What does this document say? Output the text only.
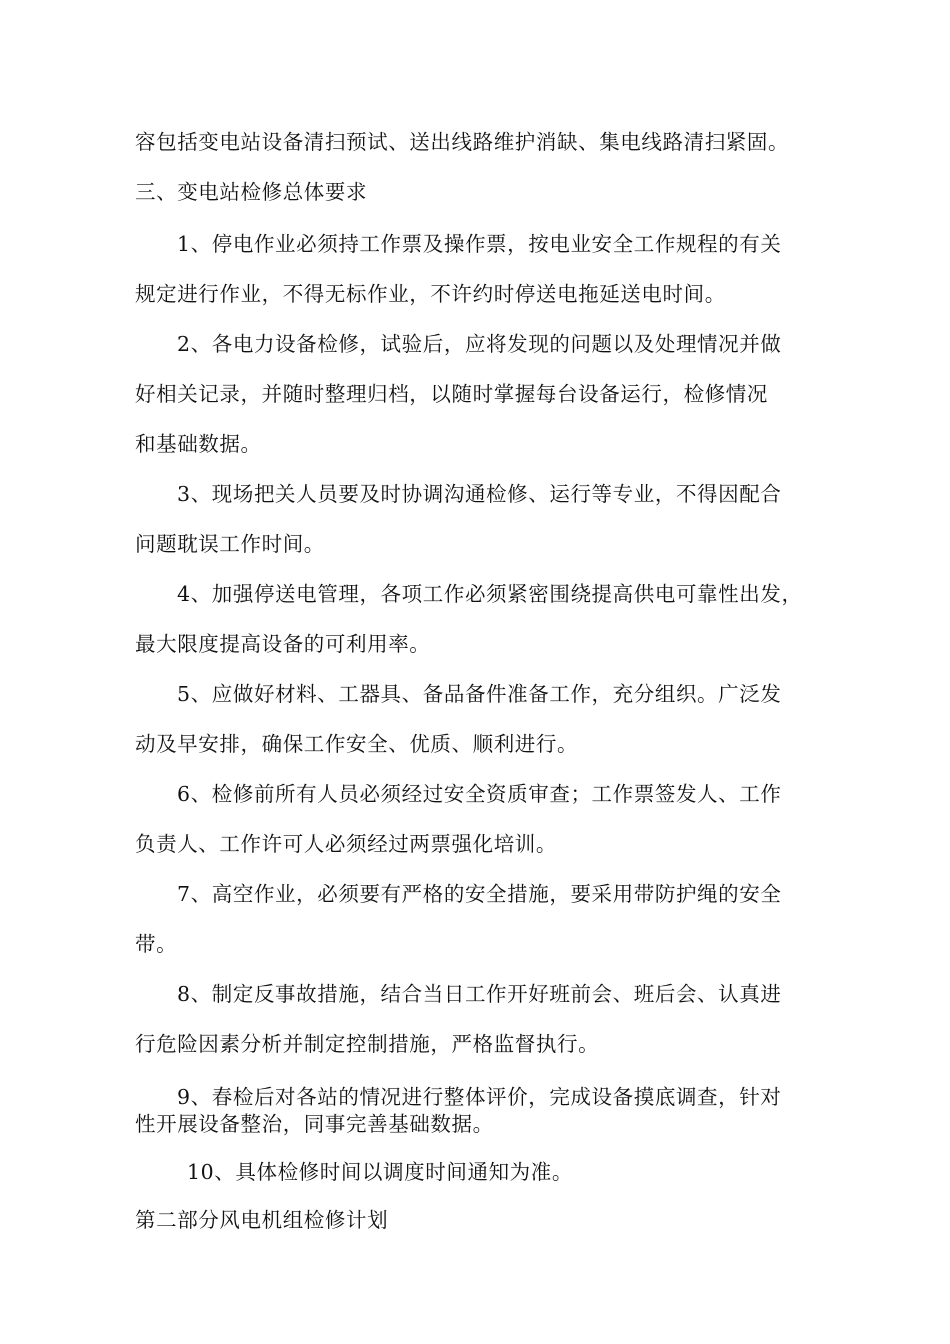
容包括变电站设备清扫预试、送出线路维护消缺、集电线路清扫紧固。
三、变电站检修总体要求
1、停电作业必须持工作票及操作票，按电业安全工作规程的有关
规定进行作业，不得无标作业，不许约时停送电拖延送电时间。
2、各电力设备检修，试验后，应将发现的问题以及处理情况并做
好相关记录，并随时整理归档，以随时掌握每台设备运行，检修情况
和基础数据。
3、现场把关人员要及时协调沟通检修、运行等专业，不得因配合
问题耽误工作时间。
4、加强停送电管理，各项工作必须紧密围绕提高供电可靠性出发，
最大限度提高设备的可利用率。
5、应做好材料、工器具、备品备件准备工作，充分组织。广泛发
动及早安排，确保工作安全、优质、顺利进行。
6、检修前所有人员必须经过安全资质审查；工作票签发人、工作
负责人、工作许可人必须经过两票强化培训。
7、高空作业，必须要有严格的安全措施，要采用带防护绳的安全
带。
8、制定反事故措施，结合当日工作开好班前会、班后会、认真进
行危险因素分析并制定控制措施，严格监督执行。
9、春检后对各站的情况进行整体评价，完成设备摸底调查，针对
性开展设备整治，同事完善基础数据。
10、具体检修时间以调度时间通知为准。
第二部分风电机组检修计划
